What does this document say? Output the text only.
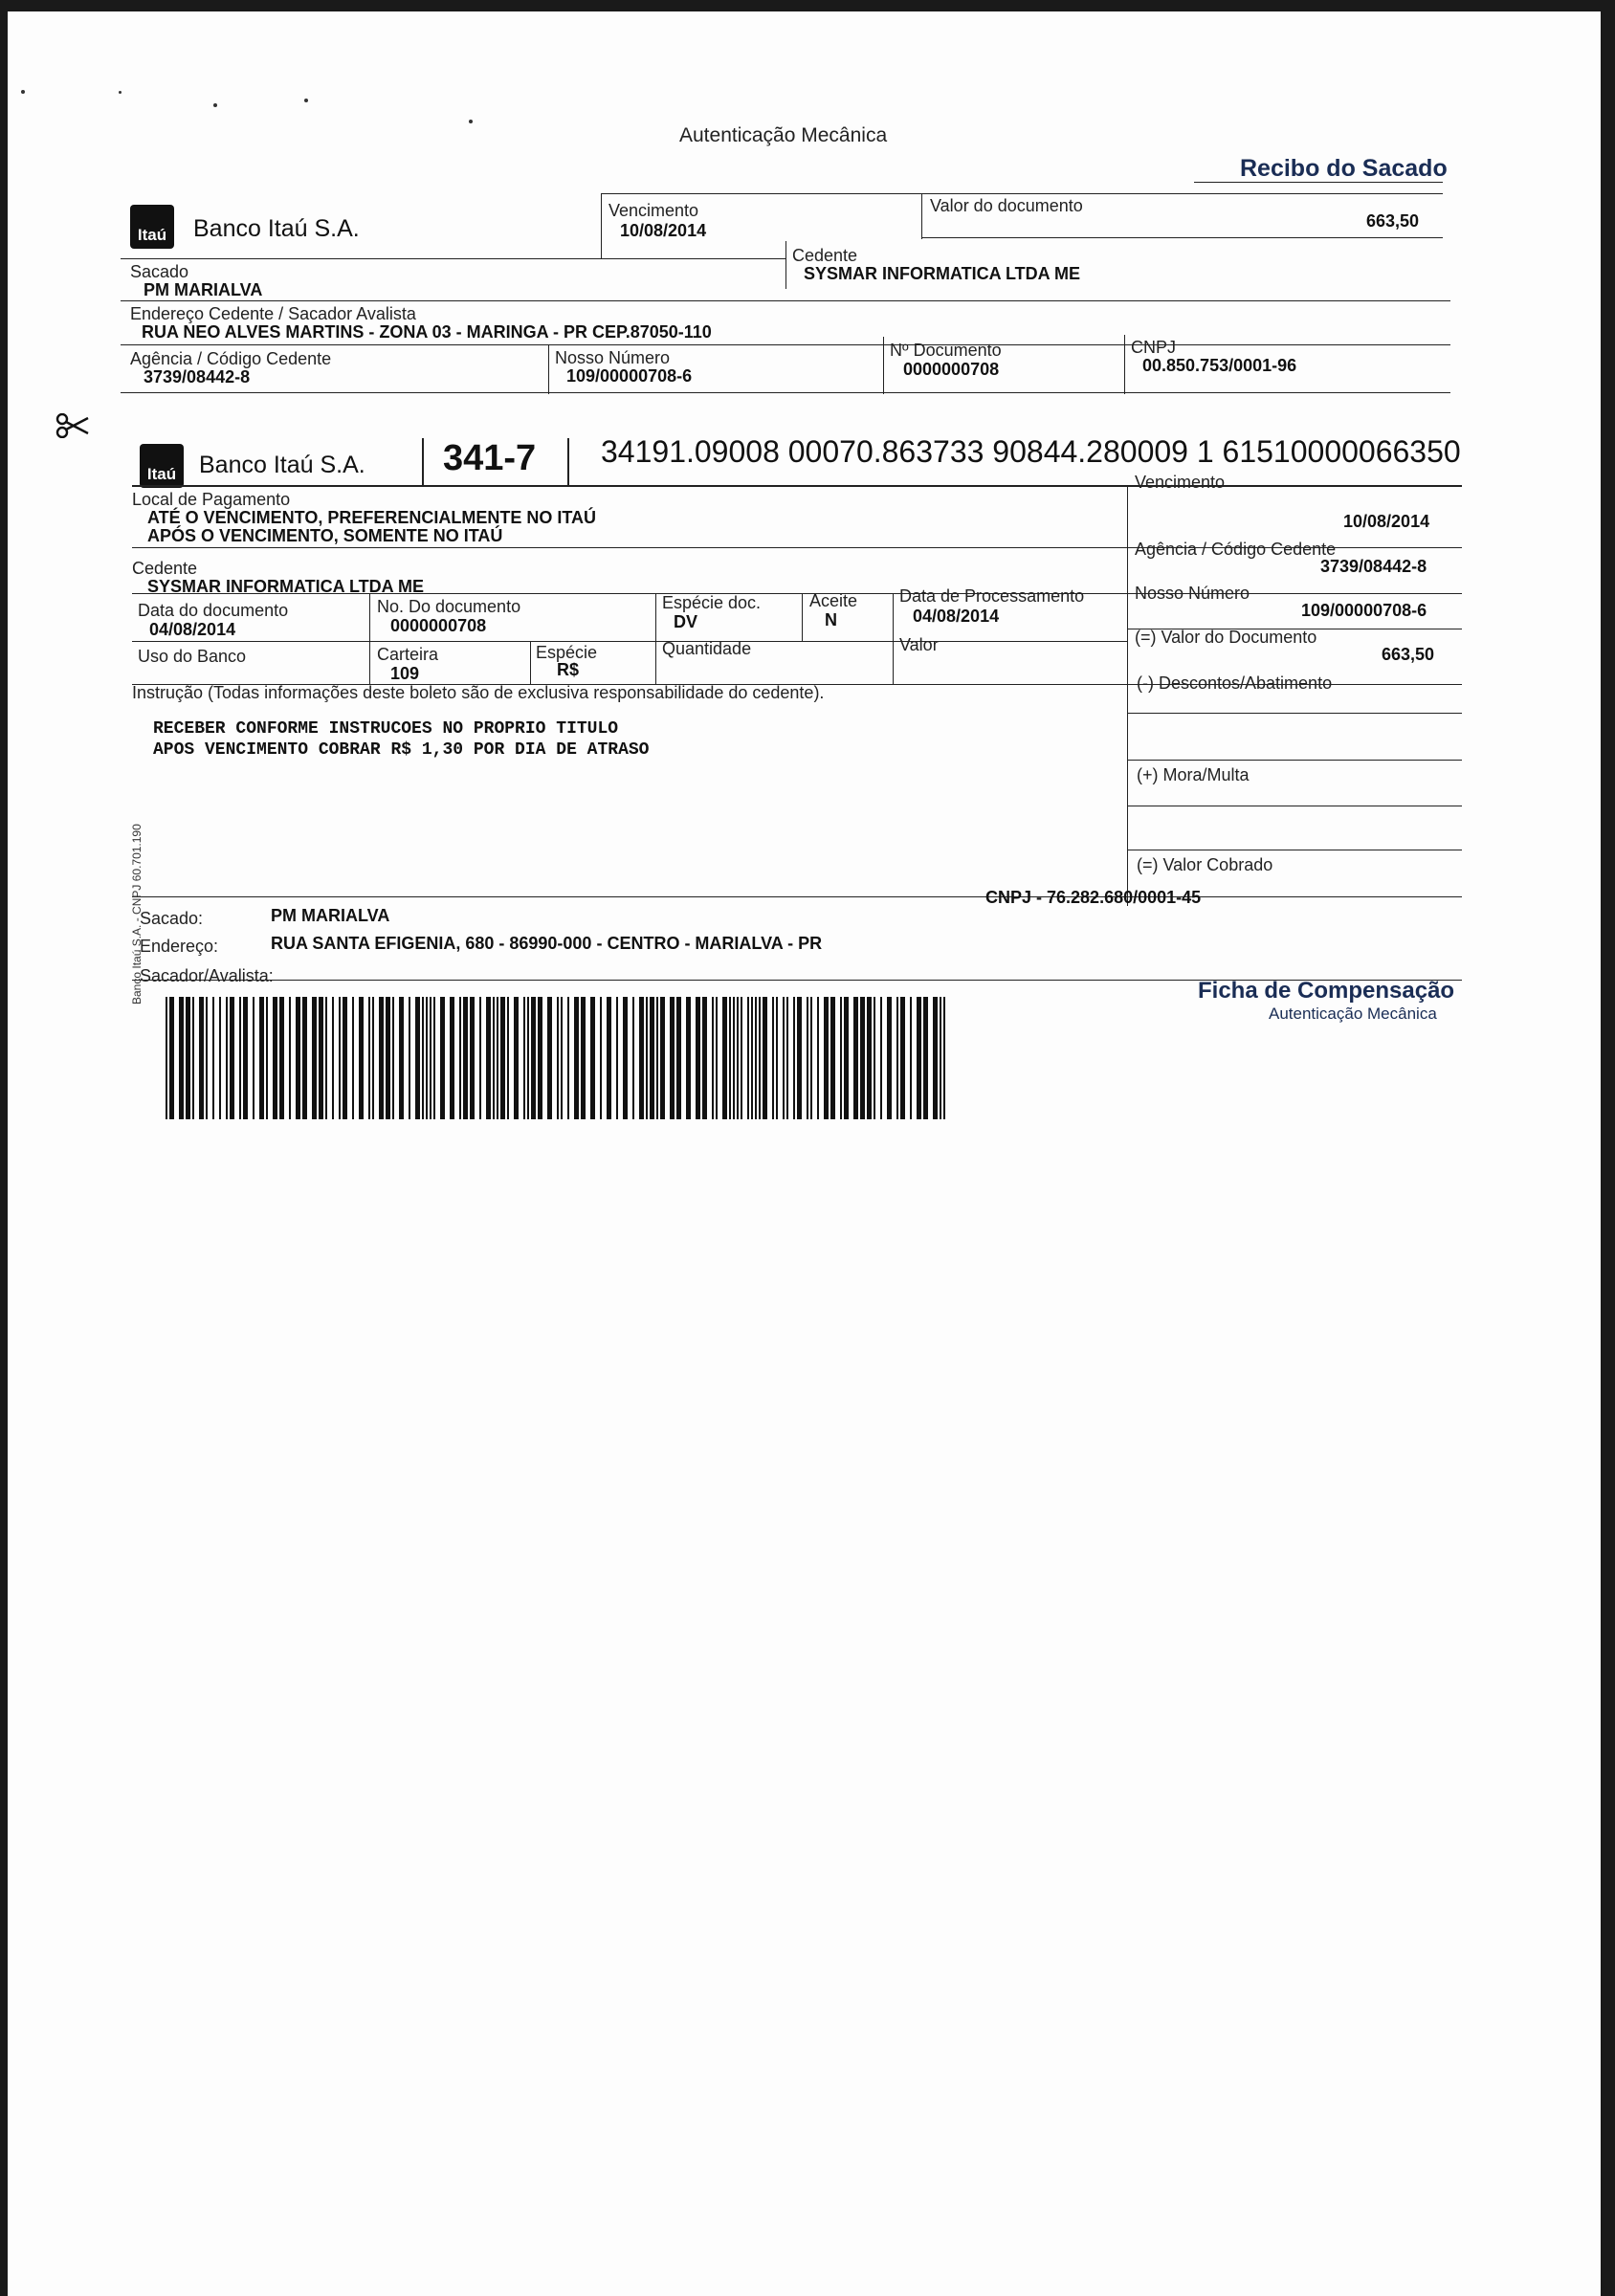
Autenticação Mecânica
Recibo do Sacado
Itaú	Banco Itaú S.A.
Vencimento
10/08/2014
Valor do documento
663,50
Sacado
PM MARIALVA
Cedente
SYSMAR INFORMATICA LTDA ME
Endereço Cedente / Sacador Avalista
RUA NEO ALVES MARTINS - ZONA 03 - MARINGA - PR CEP.87050-110
Agência / Código Cedente
3739/08442-8
Nosso Número
109/00000708-6
Nº Documento
0000000708
CNPJ
00.850.753/0001-96
Itaú Banco Itaú S.A. 341-7 34191.09008 00070.863733 90844.280009 1 61510000066350
Local de Pagamento
ATÉ O VENCIMENTO, PREFERENCIALMENTE NO ITAÚ
APÓS O VENCIMENTO, SOMENTE NO ITAÚ
Vencimento
10/08/2014
Cedente
SYSMAR INFORMATICA LTDA ME
Agência / Código Cedente
3739/08442-8
Data do documento
04/08/2014
No. Do documento
0000000708
Espécie doc.
DV
Aceite
N
Data de Processamento
04/08/2014
Nosso Número
109/00000708-6
Uso do Banco	Carteira
109
Espécie
R$
Quantidade	Valor	(=) Valor do Documento
663,50
Instrução (Todas informações deste boleto são de exclusiva responsabilidade do cedente).
RECEBER CONFORME INSTRUCOES NO PROPRIO TITULO
APOS VENCIMENTO COBRAR R$ 1,30 POR DIA DE ATRASO
(-) Descontos/Abatimento
(+) Mora/Multa
(=) Valor Cobrado
Banco Itaú S.A. - CNPJ 60.701.190
Sacado:	PM MARIALVA
CNPJ - 76.282.680/0001-45
Endereço:	RUA SANTA EFIGENIA, 680 - 86990-000 - CENTRO - MARIALVA - PR
Sacador/Avalista:
Ficha de Compensação
Autenticação Mecânica
